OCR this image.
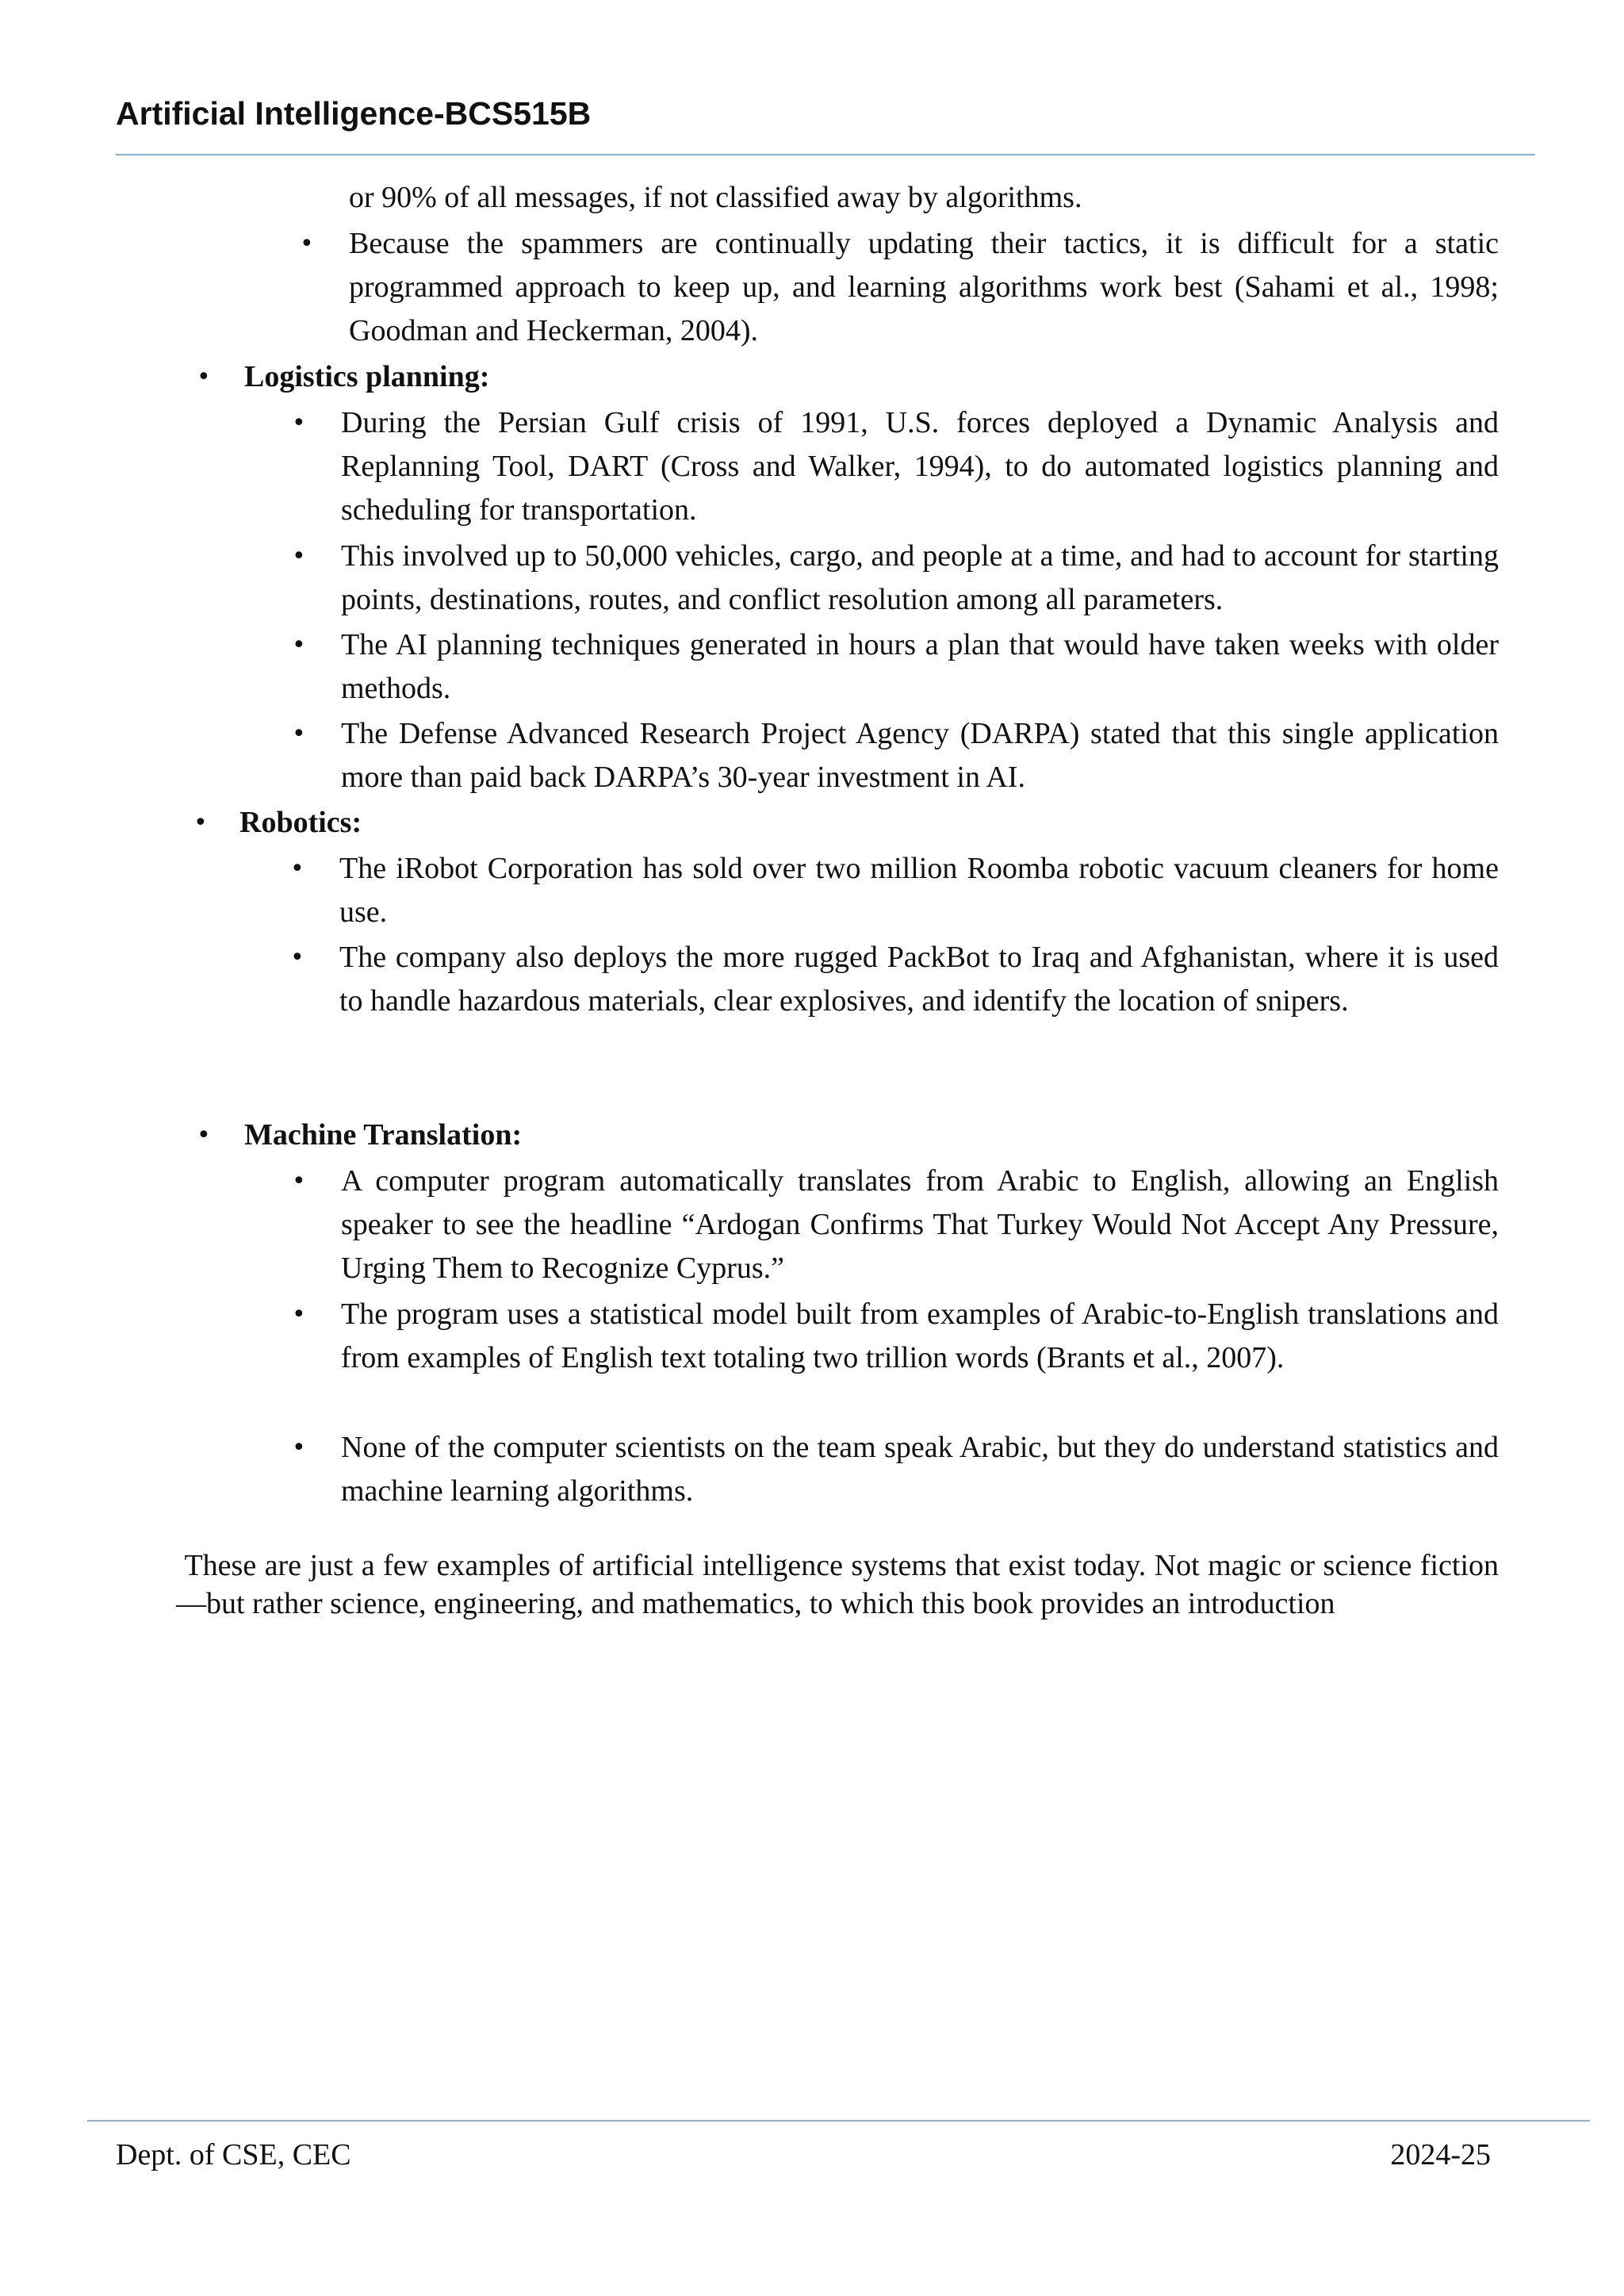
Artificial Intelligence-BCS515B
or 90% of all messages, if not classified away by algorithms.
• Because the spammers are continually updating their tactics, it is difficult for a static programmed approach to keep up, and learning algorithms work best (Sahami et al., 1998; Goodman and Heckerman, 2004).
• Logistics planning:
• During the Persian Gulf crisis of 1991, U.S. forces deployed a Dynamic Analysis and Replanning Tool, DART (Cross and Walker, 1994), to do automated logistics planning and scheduling for transportation.
• This involved up to 50,000 vehicles, cargo, and people at a time, and had to account for starting points, destinations, routes, and conflict resolution among all parameters.
• The AI planning techniques generated in hours a plan that would have taken weeks with older methods.
• The Defense Advanced Research Project Agency (DARPA) stated that this single application more than paid back DARPA’s 30-year investment in AI.
• Robotics:
• The iRobot Corporation has sold over two million Roomba robotic vacuum cleaners for home use.
• The company also deploys the more rugged PackBot to Iraq and Afghanistan, where it is used to handle hazardous materials, clear explosives, and identify the location of snipers.
• Machine Translation:
• A computer program automatically translates from Arabic to English, allowing an English speaker to see the headline “Ardogan Confirms That Turkey Would Not Accept Any Pressure, Urging Them to Recognize Cyprus.”
• The program uses a statistical model built from examples of Arabic-to-English translations and from examples of English text totaling two trillion words (Brants et al., 2007).
• None of the computer scientists on the team speak Arabic, but they do understand statistics and machine learning algorithms.
These are just a few examples of artificial intelligence systems that exist today. Not magic or science fiction—but rather science, engineering, and mathematics, to which this book provides an introduction
Dept. of CSE, CEC	2024-25
